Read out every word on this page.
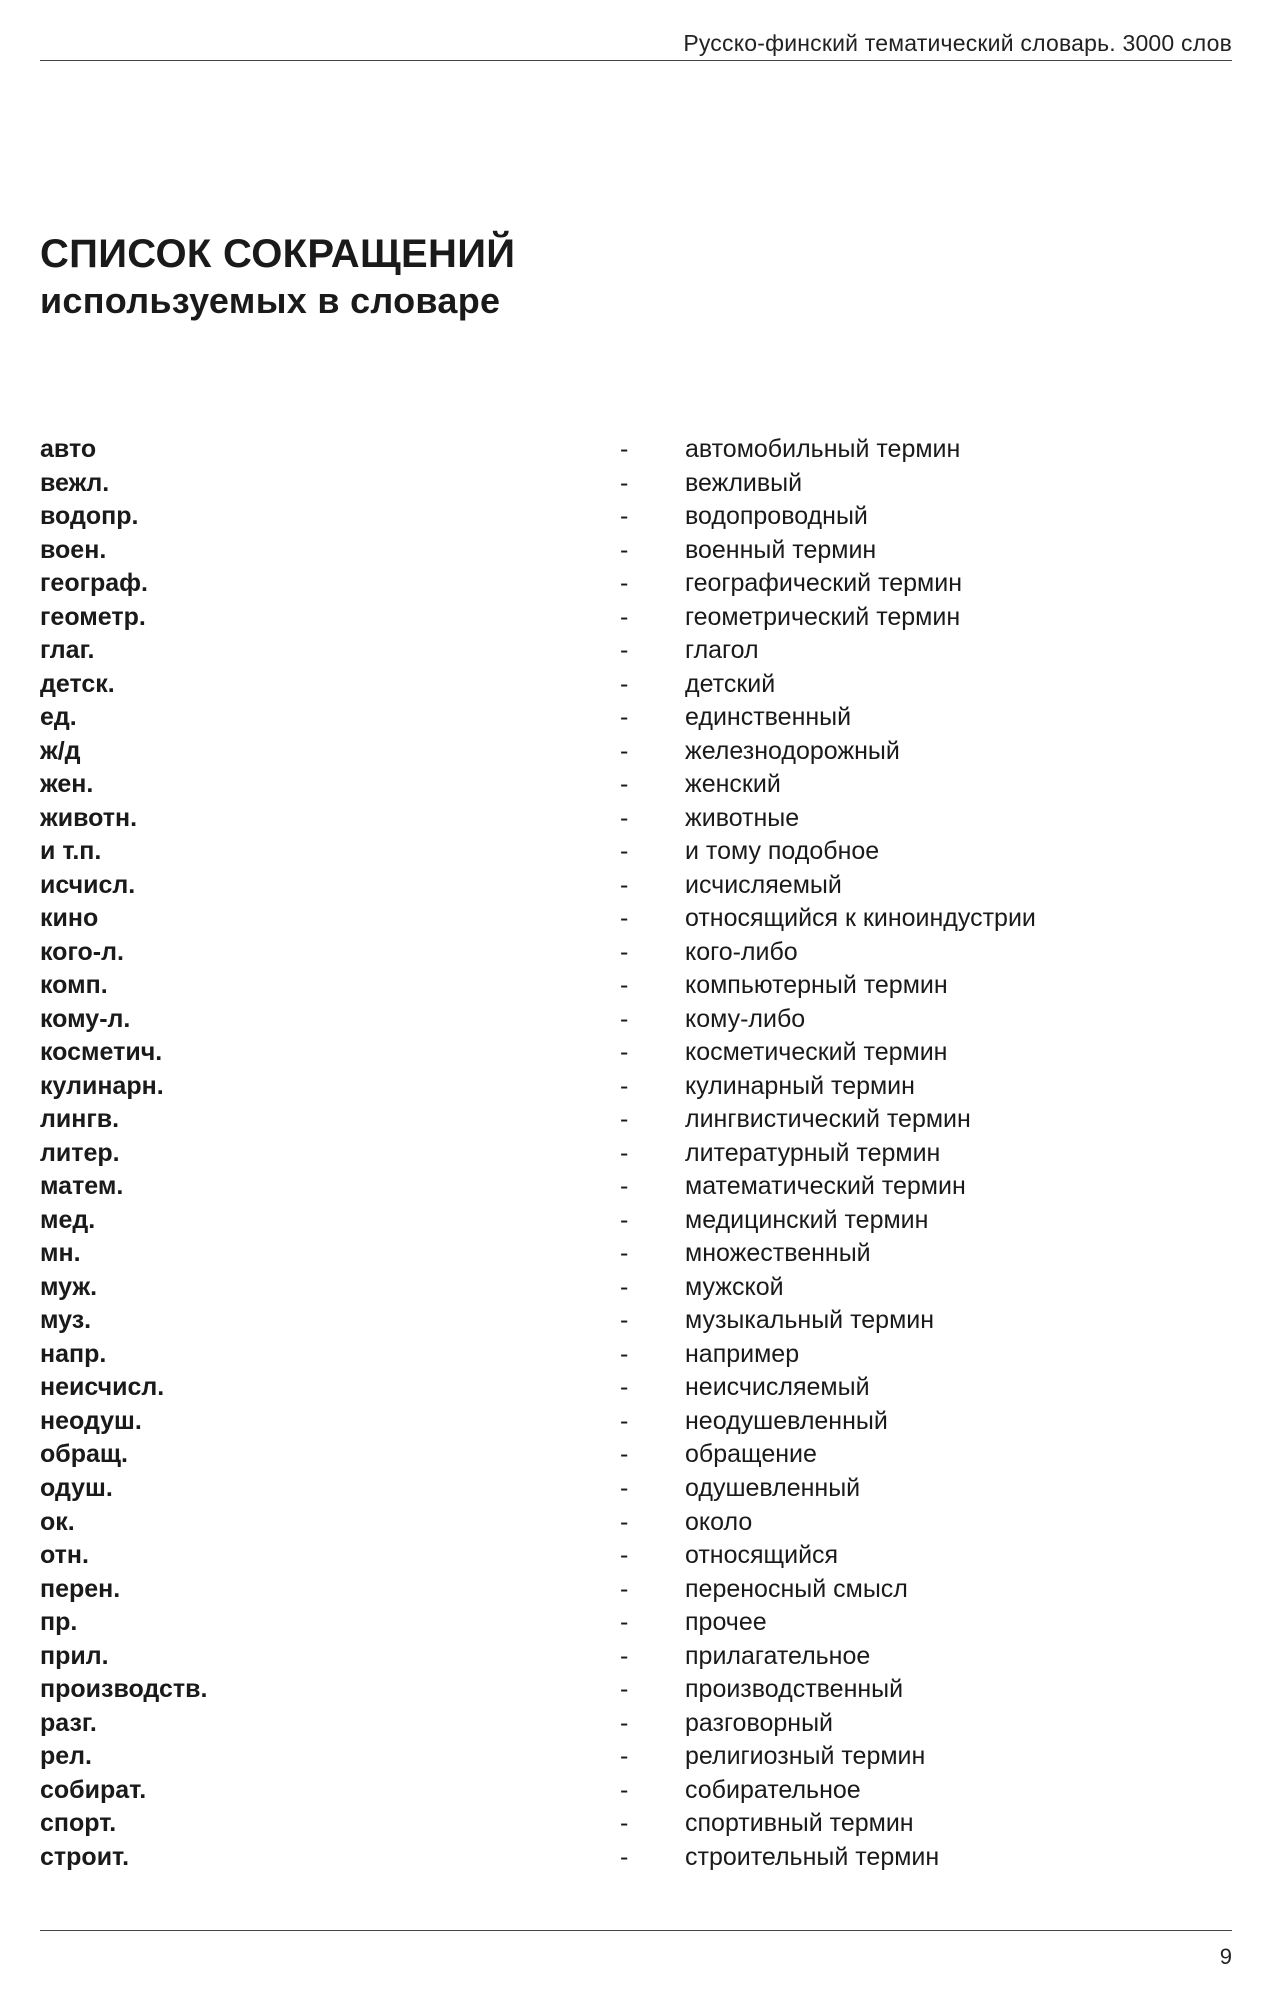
Русско-финский тематический словарь. 3000 слов
СПИСОК СОКРАЩЕНИЙ
используемых в словаре
авто	- автомобильный термин
вежл.	- вежливый
водопр.	- водопроводный
воен.	- военный термин
географ.	- географический термин
геометр.	- геометрический термин
глаг.	- глагол
детск.	- детский
ед.	- единственный
ж/д	- железнодорожный
жен.	- женский
животн.	- животные
и т.п.	- и тому подобное
исчисл.	- исчисляемый
кино	- относящийся к киноиндустрии
кого-л.	- кого-либо
комп.	- компьютерный термин
кому-л.	- кому-либо
косметич.	- косметический термин
кулинарн.	- кулинарный термин
лингв.	- лингвистический термин
литер.	- литературный термин
матем.	- математический термин
мед.	- медицинский термин
мн.	- множественный
муж.	- мужской
муз.	- музыкальный термин
напр.	- например
неисчисл.	- неисчисляемый
неодуш.	- неодушевленный
обращ.	- обращение
одуш.	- одушевленный
ок.	- около
отн.	- относящийся
перен.	- переносный смысл
пр.	- прочее
прил.	- прилагательное
производств.	- производственный
разг.	- разговорный
рел.	- религиозный термин
собират.	- собирательное
спорт.	- спортивный термин
строит.	- строительный термин
9
